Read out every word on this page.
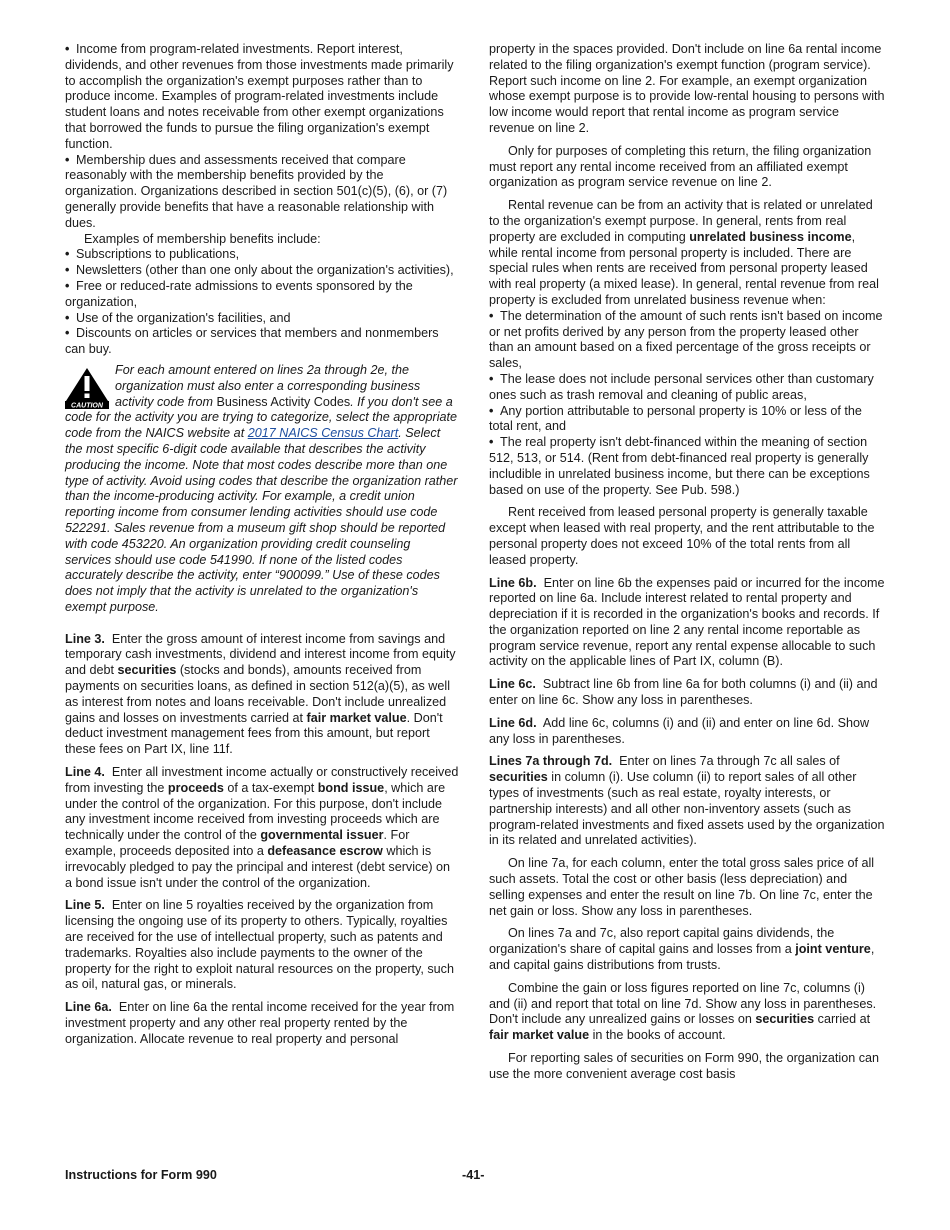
• Income from program-related investments. Report interest, dividends, and other revenues from those investments made primarily to accomplish the organization's exempt purposes rather than to produce income. Examples of program-related investments include student loans and notes receivable from other exempt organizations that borrowed the funds to pursue the filing organization's exempt function.

• Membership dues and assessments received that compare reasonably with the membership benefits provided by the organization. Organizations described in section 501(c)(5), (6), or (7) generally provide benefits that have a reasonable relationship with dues.

Examples of membership benefits include:

• Subscriptions to publications,

• Newsletters (other than one only about the organization's activities),

• Free or reduced-rate admissions to events sponsored by the organization,

• Use of the organization's facilities, and

• Discounts on articles or services that members and nonmembers can buy.

CAUTION
For each amount entered on lines 2a through 2e, the organization must also enter a corresponding business activity code from Business Activity Codes. If you don't see a code for the activity you are trying to categorize, select the appropriate code from the NAICS website at 2017 NAICS Census Chart. Select the most specific 6-digit code available that describes the activity producing the income. Note that most codes describe more than one type of activity. Avoid using codes that describe the organization rather than the income-producing activity. For example, a credit union reporting income from consumer lending activities should use code 522291. Sales revenue from a museum gift shop should be reported with code 453220. An organization providing credit counseling services should use code 541990. If none of the listed codes accurately describe the activity, enter “900099.” Use of these codes does not imply that the activity is unrelated to the organization's exempt purpose.

Line 3. Enter the gross amount of interest income from savings and temporary cash investments, dividend and interest income from equity and debt securities (stocks and bonds), amounts received from payments on securities loans, as defined in section 512(a)(5), as well as interest from notes and loans receivable. Don't include unrealized gains and losses on investments carried at fair market value. Don't deduct investment management fees from this amount, but report these fees on Part IX, line 11f.

Line 4. Enter all investment income actually or constructively received from investing the proceeds of a tax-exempt bond issue, which are under the control of the organization. For this purpose, don't include any investment income received from investing proceeds which are technically under the control of the governmental issuer. For example, proceeds deposited into a defeasance escrow which is irrevocably pledged to pay the principal and interest (debt service) on a bond issue isn't under the control of the organization.

Line 5. Enter on line 5 royalties received by the organization from licensing the ongoing use of its property to others. Typically, royalties are received for the use of intellectual property, such as patents and trademarks. Royalties also include payments to the owner of the property for the right to exploit natural resources on the property, such as oil, natural gas, or minerals.

Line 6a. Enter on line 6a the rental income received for the year from investment property and any other real property rented by the organization. Allocate revenue to real property and personal

property in the spaces provided. Don't include on line 6a rental income related to the filing organization's exempt function (program service). Report such income on line 2. For example, an exempt organization whose exempt purpose is to provide low-rental housing to persons with low income would report that rental income as program service revenue on line 2.

Only for purposes of completing this return, the filing organization must report any rental income received from an affiliated exempt organization as program service revenue on line 2.

Rental revenue can be from an activity that is related or unrelated to the organization's exempt purpose. In general, rents from real property are excluded in computing unrelated business income, while rental income from personal property is included. There are special rules when rents are received from personal property leased with real property (a mixed lease). In general, rental revenue from real property is excluded from unrelated business revenue when:

• The determination of the amount of such rents isn't based on income or net profits derived by any person from the property leased other than an amount based on a fixed percentage of the gross receipts or sales,

• The lease does not include personal services other than customary ones such as trash removal and cleaning of public areas,

• Any portion attributable to personal property is 10% or less of the total rent, and

• The real property isn't debt-financed within the meaning of section 512, 513, or 514. (Rent from debt-financed real property is generally includible in unrelated business income, but there can be exceptions based on use of the property. See Pub. 598.)

Rent received from leased personal property is generally taxable except when leased with real property, and the rent attributable to the personal property does not exceed 10% of the total rents from all leased property.

Line 6b. Enter on line 6b the expenses paid or incurred for the income reported on line 6a. Include interest related to rental property and depreciation if it is recorded in the organization's books and records. If the organization reported on line 2 any rental income reportable as program service revenue, report any rental expense allocable to such activity on the applicable lines of Part IX, column (B).

Line 6c. Subtract line 6b from line 6a for both columns (i) and (ii) and enter on line 6c. Show any loss in parentheses.

Line 6d. Add line 6c, columns (i) and (ii) and enter on line 6d. Show any loss in parentheses.

Lines 7a through 7d. Enter on lines 7a through 7c all sales of securities in column (i). Use column (ii) to report sales of all other types of investments (such as real estate, royalty interests, or partnership interests) and all other non-inventory assets (such as program-related investments and fixed assets used by the organization in its related and unrelated activities).

On line 7a, for each column, enter the total gross sales price of all such assets. Total the cost or other basis (less depreciation) and selling expenses and enter the result on line 7b. On line 7c, enter the net gain or loss. Show any loss in parentheses.

On lines 7a and 7c, also report capital gains dividends, the organization's share of capital gains and losses from a joint venture, and capital gains distributions from trusts.

Combine the gain or loss figures reported on line 7c, columns (i) and (ii) and report that total on line 7d. Show any loss in parentheses. Don't include any unrealized gains or losses on securities carried at fair market value in the books of account.

For reporting sales of securities on Form 990, the organization can use the more convenient average cost basis

Instructions for Form 990	-41-
